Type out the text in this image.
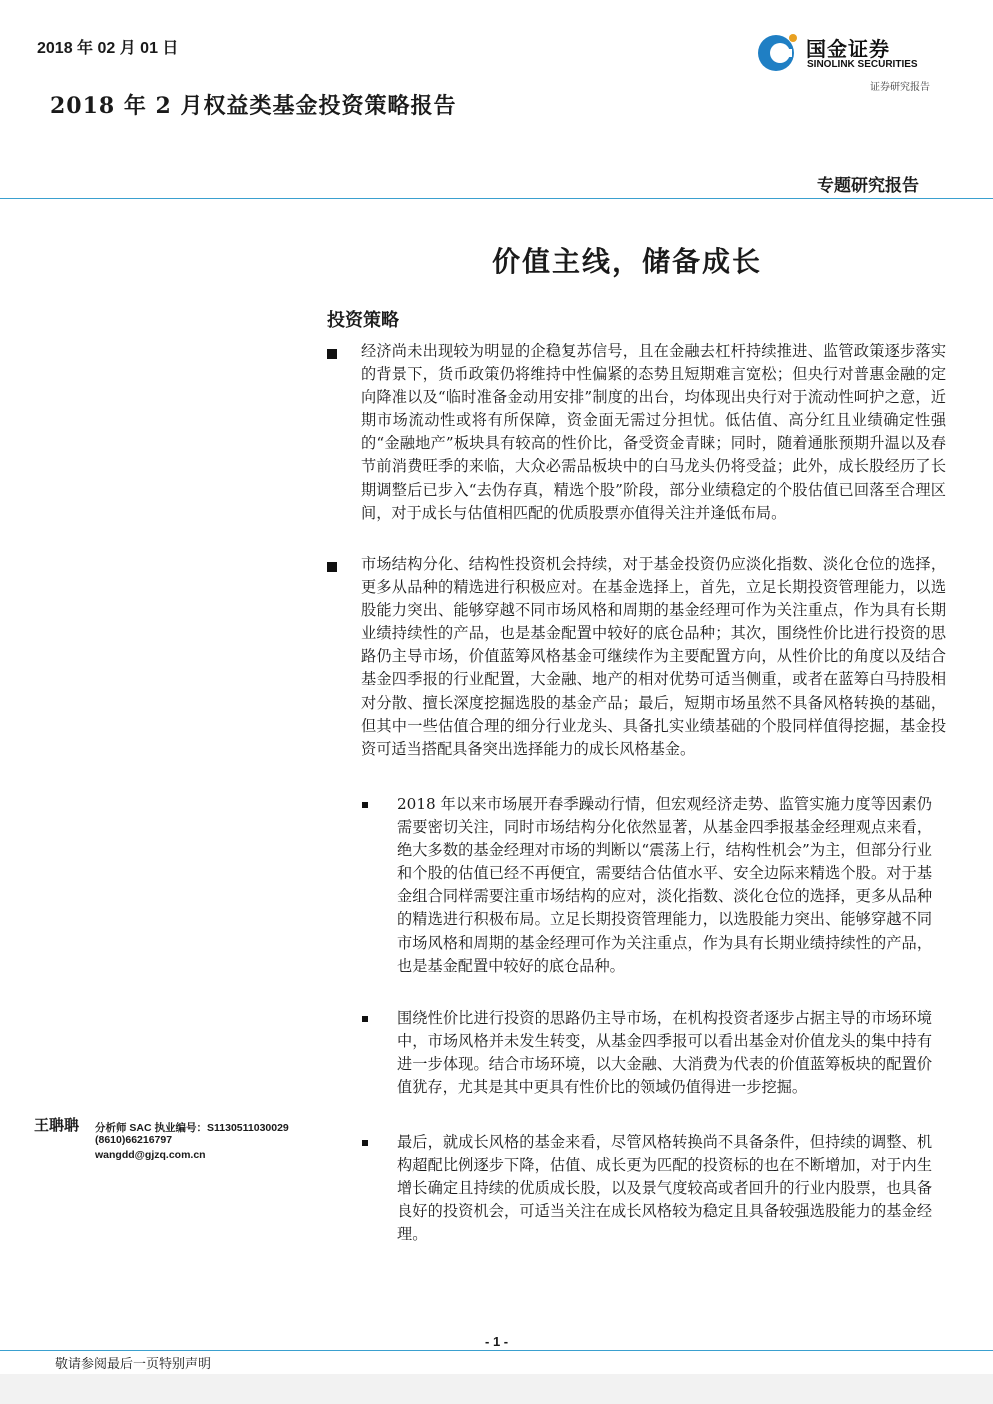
2018 年 02 月 01 日
2018 年 2 月权益类基金投资策略报告
国金证券
SINOLINK SECURITIES
证券研究报告
专题研究报告
价值主线，储备成长
投资策略
经济尚未出现较为明显的企稳复苏信号，且在金融去杠杆持续推进、监管政策逐步落实的背景下，货币政策仍将维持中性偏紧的态势且短期难言宽松；但央行对普惠金融的定向降准以及“临时准备金动用安排”制度的出台，均体现出央行对于流动性呵护之意，近期市场流动性或将有所保障，资金面无需过分担忧。低估值、高分红且业绩确定性强的“金融地产”板块具有较高的性价比，备受资金青睐；同时，随着通胀预期升温以及春节前消费旺季的来临，大众必需品板块中的白马龙头仍将受益；此外，成长股经历了长期调整后已步入“去伪存真，精选个股”阶段，部分业绩稳定的个股估值已回落至合理区间，对于成长与估值相匹配的优质股票亦值得关注并逢低布局。
市场结构分化、结构性投资机会持续，对于基金投资仍应淡化指数、淡化仓位的选择，更多从品种的精选进行积极应对。在基金选择上，首先，立足长期投资管理能力，以选股能力突出、能够穿越不同市场风格和周期的基金经理可作为关注重点，作为具有长期业绩持续性的产品，也是基金配置中较好的底仓品种；其次，围绕性价比进行投资的思路仍主导市场，价值蓝筹风格基金可继续作为主要配置方向，从性价比的角度以及结合基金四季报的行业配置，大金融、地产的相对优势可适当侧重，或者在蓝筹白马持股相对分散、擅长深度挖掘选股的基金产品；最后，短期市场虽然不具备风格转换的基础，但其中一些估值合理的细分行业龙头、具备扎实业绩基础的个股同样值得挖掘，基金投资可适当搭配具备突出选择能力的成长风格基金。
2018 年以来市场展开春季躁动行情，但宏观经济走势、监管实施力度等因素仍需要密切关注，同时市场结构分化依然显著，从基金四季报基金经理观点来看，绝大多数的基金经理对市场的判断以“震荡上行，结构性机会”为主，但部分行业和个股的估值已经不再便宜，需要结合估值水平、安全边际来精选个股。对于基金组合同样需要注重市场结构的应对，淡化指数、淡化仓位的选择，更多从品种的精选进行积极布局。立足长期投资管理能力，以选股能力突出、能够穿越不同市场风格和周期的基金经理可作为关注重点，作为具有长期业绩持续性的产品，也是基金配置中较好的底仓品种。
围绕性价比进行投资的思路仍主导市场，在机构投资者逐步占据主导的市场环境中，市场风格并未发生转变，从基金四季报可以看出基金对价值龙头的集中持有进一步体现。结合市场环境，以大金融、大消费为代表的价值蓝筹板块的配置价值犹存，尤其是其中更具有性价比的领域仍值得进一步挖掘。
最后，就成长风格的基金来看，尽管风格转换尚不具备条件，但持续的调整、机构超配比例逐步下降，估值、成长更为匹配的投资标的也在不断增加，对于内生增长确定且持续的优质成长股，以及景气度较高或者回升的行业内股票，也具备良好的投资机会，可适当关注在成长风格较为稳定且具备较强选股能力的基金经理。
王聃聃 分析师 SAC 执业编号：S1130511030029
(8610)66216797
wangdd@gjzq.com.cn
- 1 -
敬请参阅最后一页特别声明
